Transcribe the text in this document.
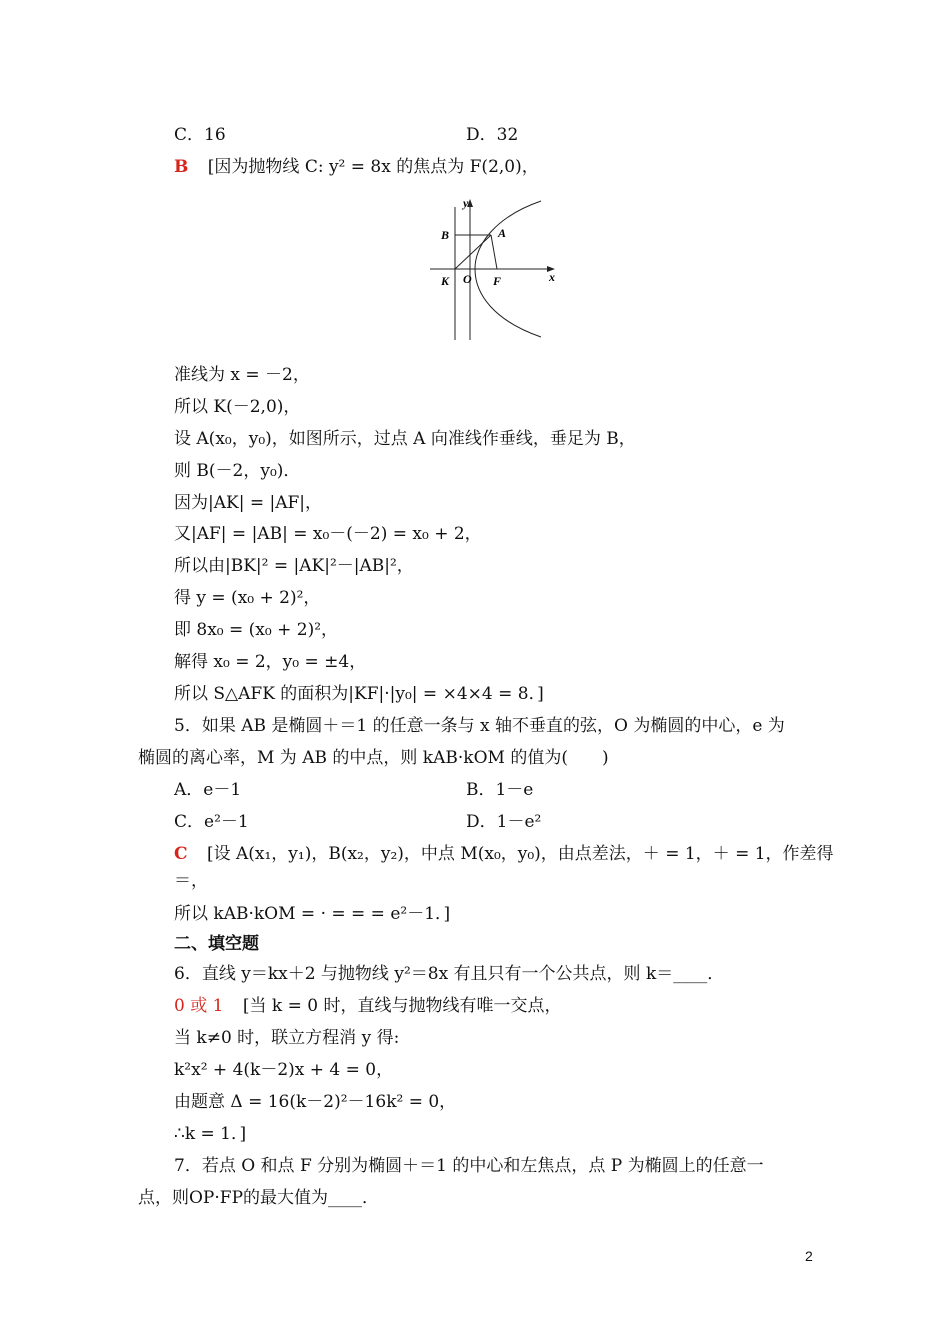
C．16	D．32
B [因为抛物线 C: y² = 8x 的焦点为 F(2,0)，
y
x
B	A
K O F
准线为 x = －2，
所以 K(－2,0)，
设 A(x₀，y₀)，如图所示，过点 A 向准线作垂线，垂足为 B，
则 B(－2，y₀)．
因为|AK| = |AF|，
又|AF| = |AB| = x₀－(－2) = x₀ + 2，
所以由|BK|² = |AK|²－|AB|²，
得 y = (x₀ + 2)²，
即 8x₀ = (x₀ + 2)²，
解得 x₀ = 2，y₀ = ±4，
所以 S△AFK 的面积为|KF|·|y₀| = ×4×4 = 8．]
5．如果 AB 是椭圆＋＝1 的任意一条与 x 轴不垂直的弦，O 为椭圆的中心，e 为
椭圆的离心率，M 为 AB 的中点，则 kAB·kOM 的值为(　　)
A．e－1	B．1－e
C．e²－1	D．1－e²
C [设 A(x₁，y₁)，B(x₂，y₂)，中点 M(x₀，y₀)，由点差法，＋ = 1，＋ = 1，作差得
＝，
所以 kAB·kOM = · = = = e²－1．]
二、填空题
6．直线 y＝kx＋2 与抛物线 y²＝8x 有且只有一个公共点，则 k＝____．
0 或 1 [当 k = 0 时，直线与抛物线有唯一交点，
当 k≠0 时，联立方程消 y 得:
k²x² + 4(k－2)x + 4 = 0，
由题意 Δ = 16(k－2)²－16k² = 0，
∴k = 1．]
7．若点 O 和点 F 分别为椭圆＋＝1 的中心和左焦点，点 P 为椭圆上的任意一
点，则OP·FP的最大值为____．
2
